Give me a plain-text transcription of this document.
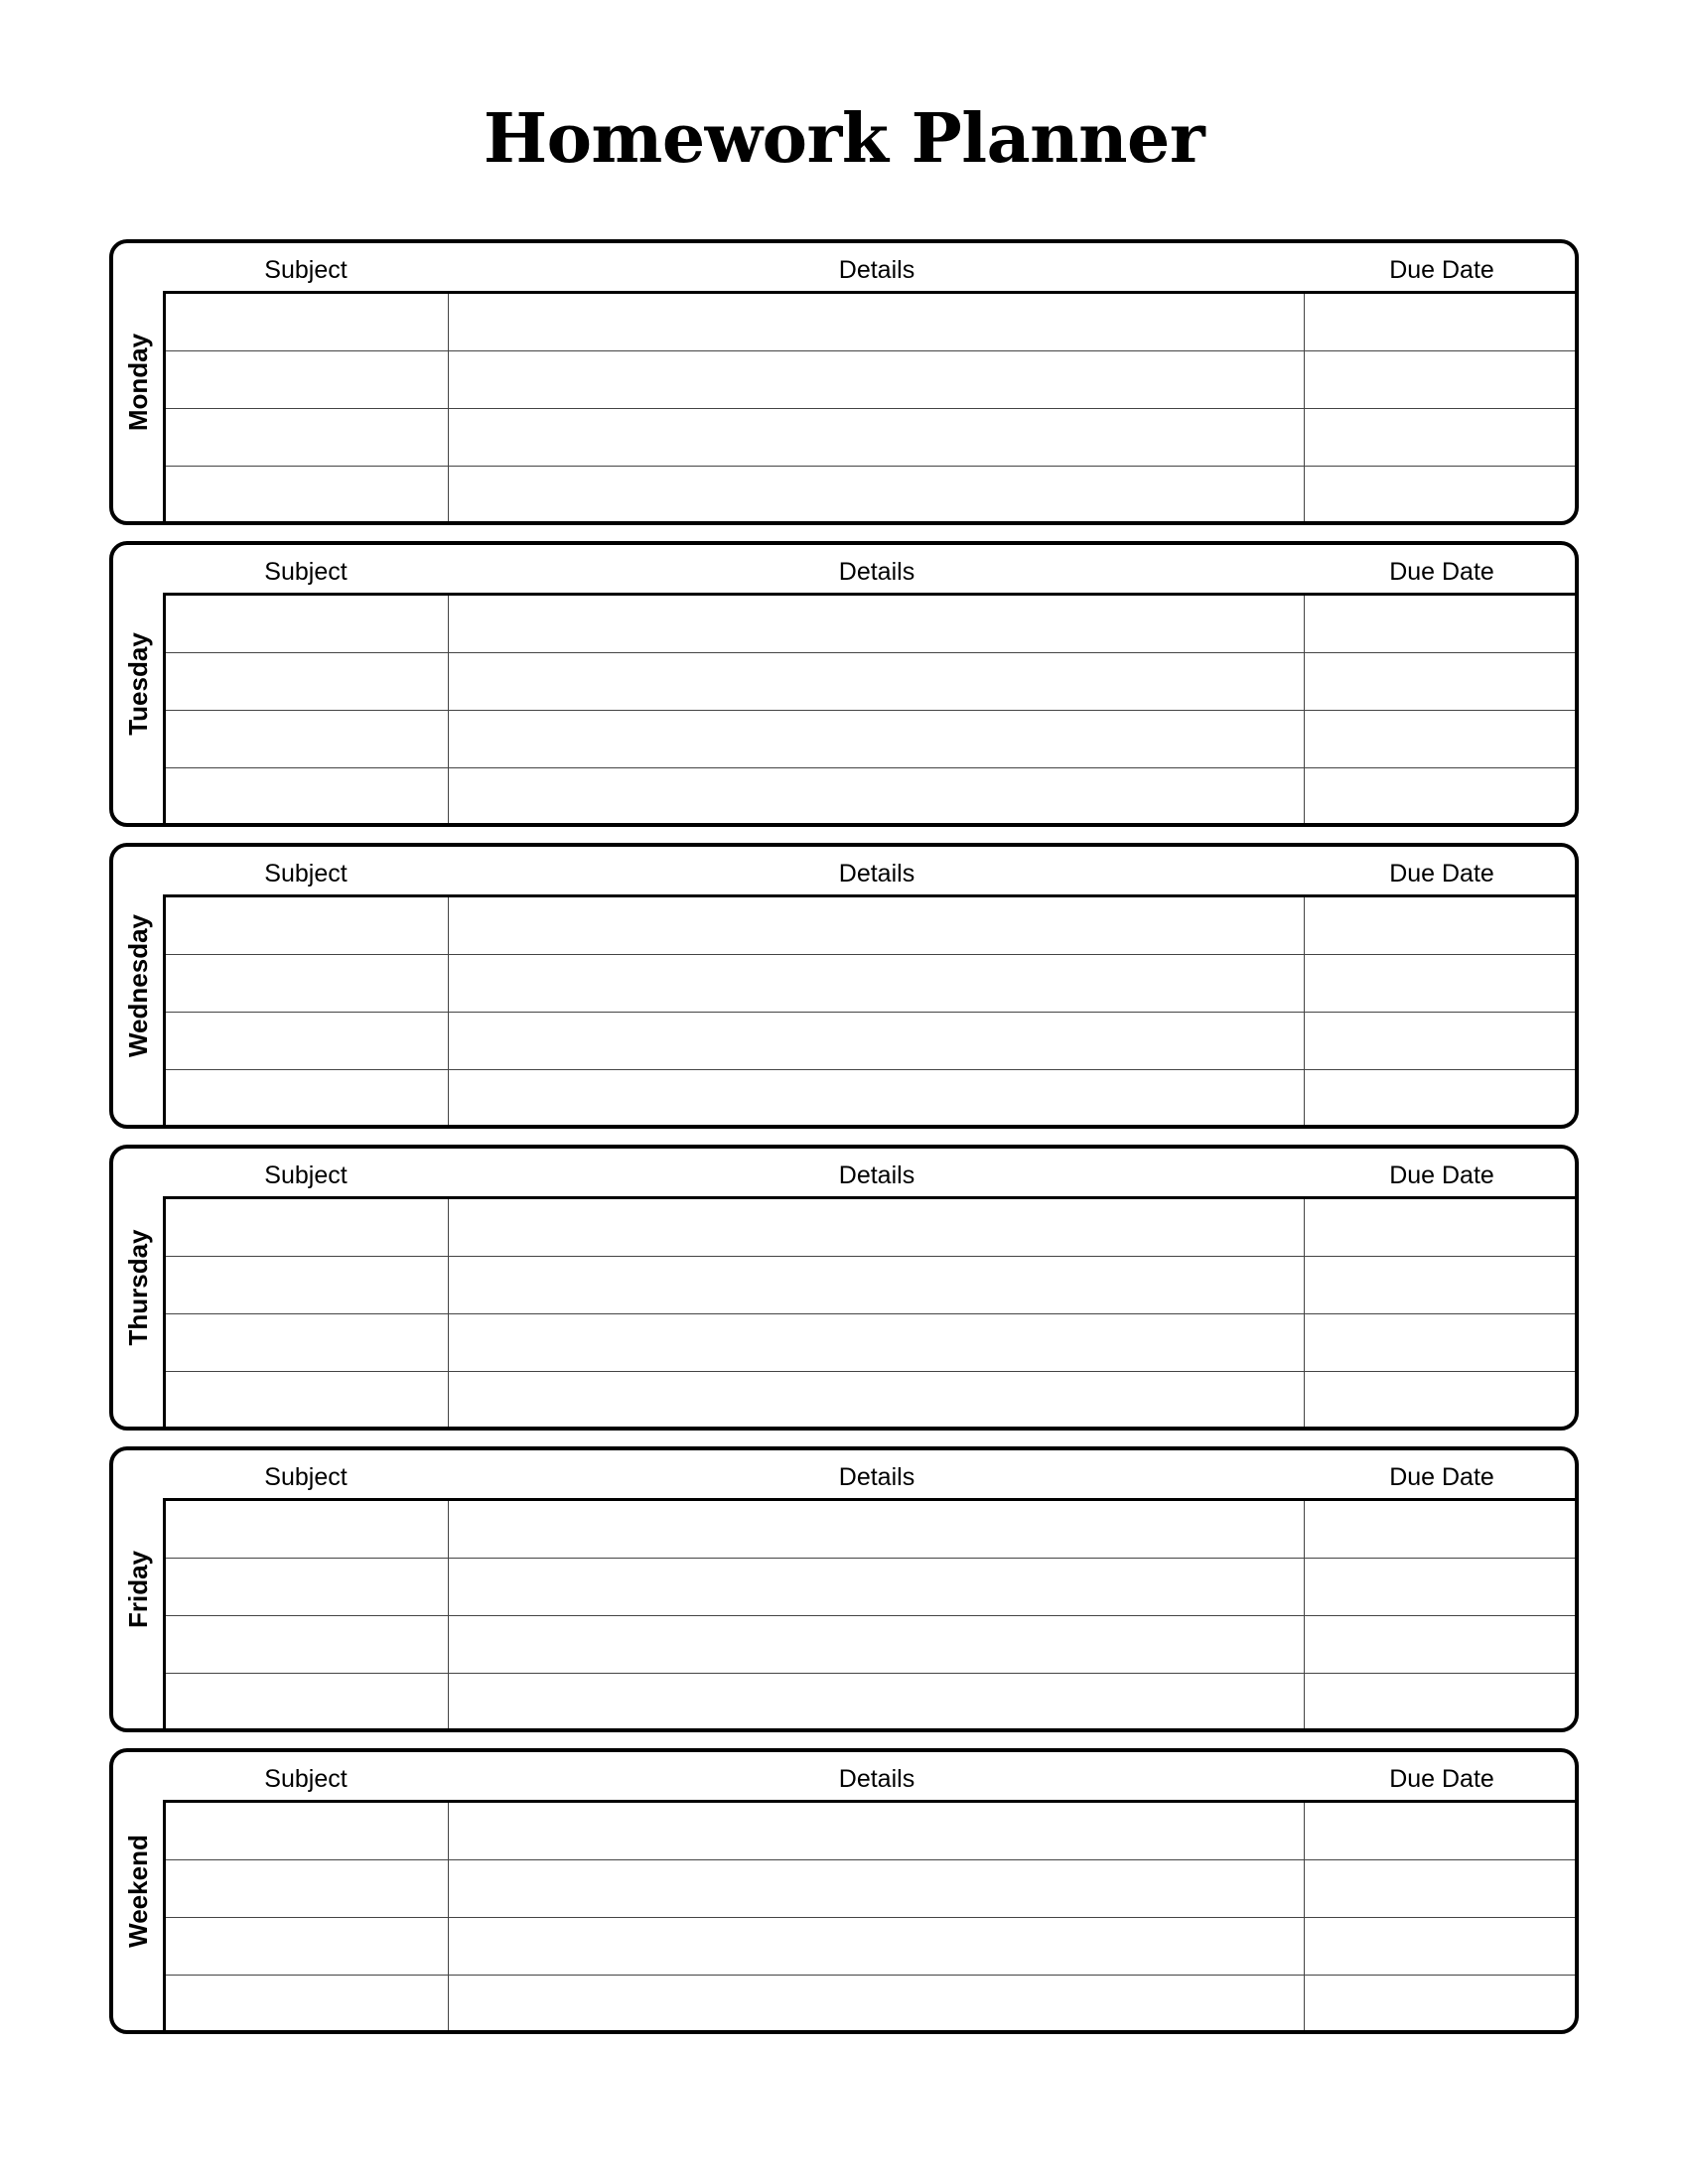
Homework Planner
Monday
Subject	Details	Due Date
Tuesday
Subject	Details	Due Date
Wednesday
Subject	Details	Due Date
Thursday
Subject	Details	Due Date
Friday
Subject	Details	Due Date
Weekend
Subject	Details	Due Date
